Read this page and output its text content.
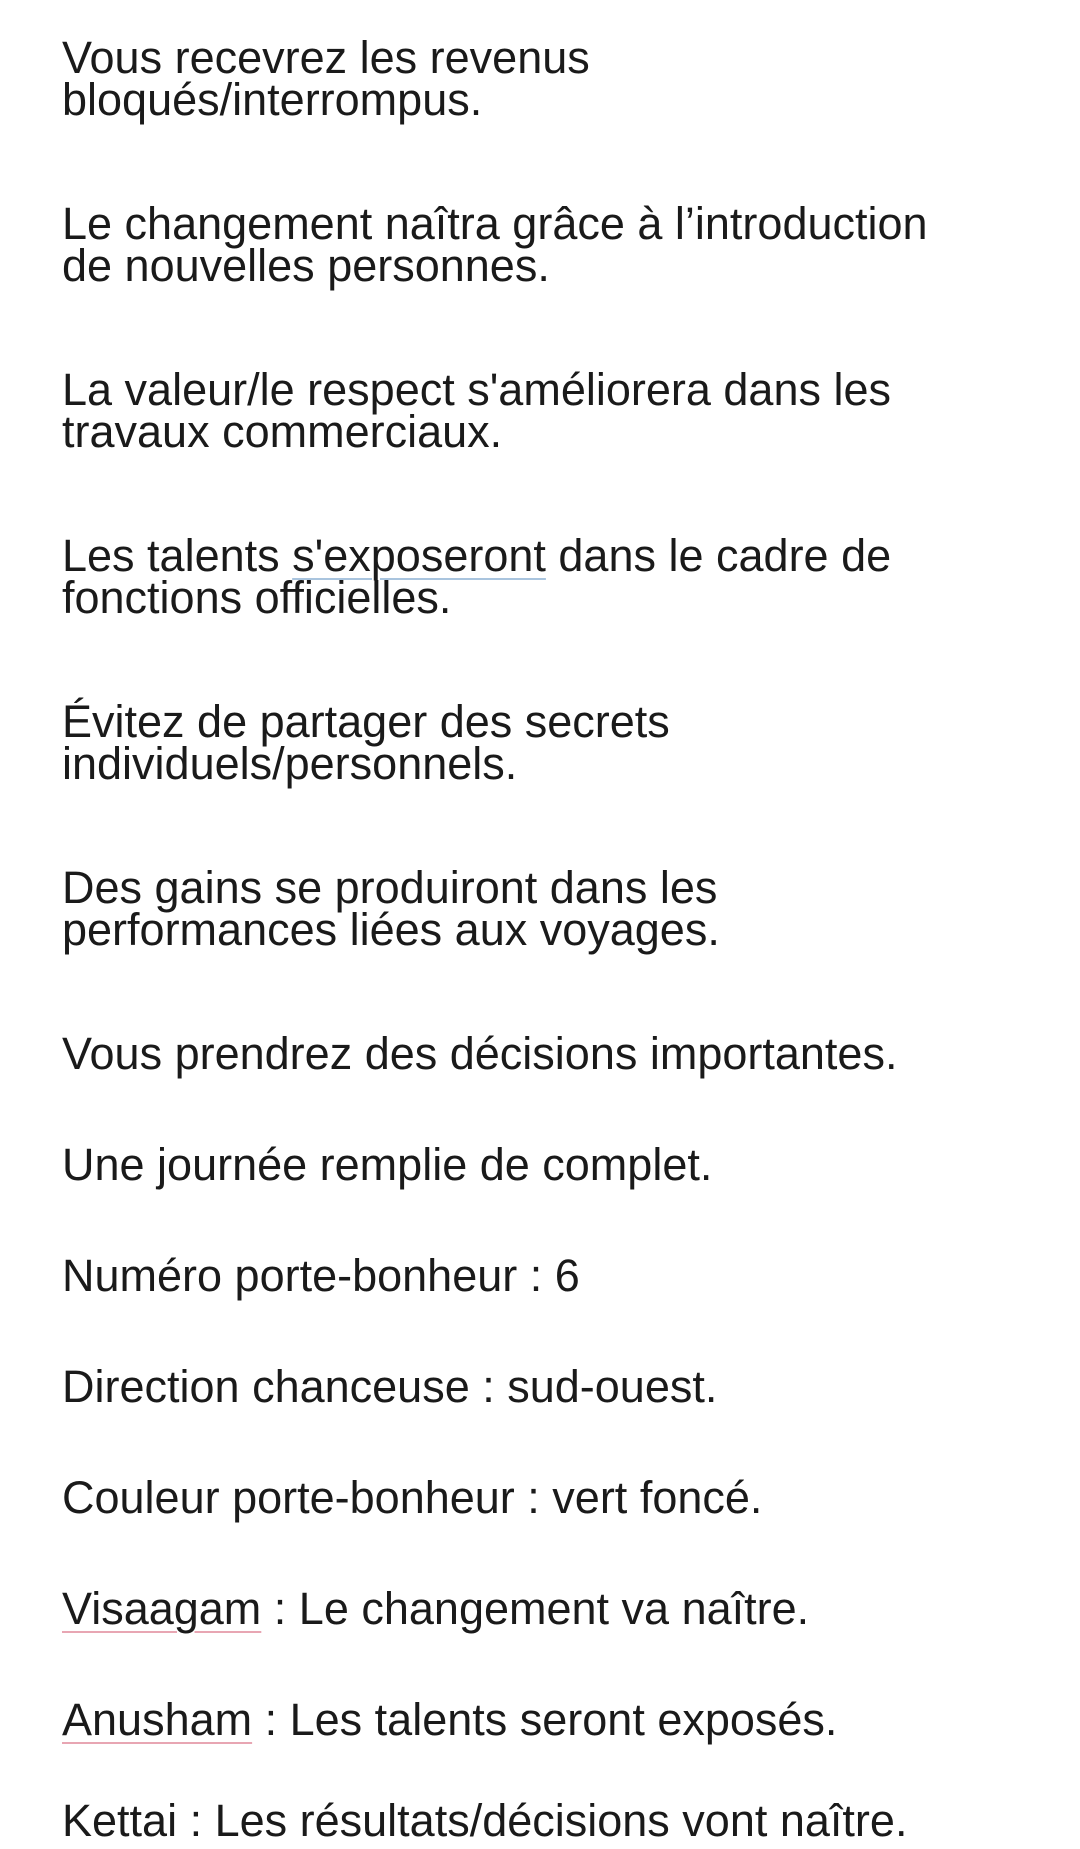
Vous recevrez les revenus
bloqués/interrompus.
Le changement naîtra grâce à l’introduction
de nouvelles personnes.
La valeur/le respect s'améliorera dans les
travaux commerciaux.
Les talents s'exposeront dans le cadre de
fonctions officielles.
Évitez de partager des secrets
individuels/personnels.
Des gains se produiront dans les
performances liées aux voyages.
Vous prendrez des décisions importantes.
Une journée remplie de complet.
Numéro porte-bonheur : 6
Direction chanceuse : sud-ouest.
Couleur porte-bonheur : vert foncé.
Visaagam : Le changement va naître.
Anusham : Les talents seront exposés.
Kettai : Les résultats/décisions vont naître.
